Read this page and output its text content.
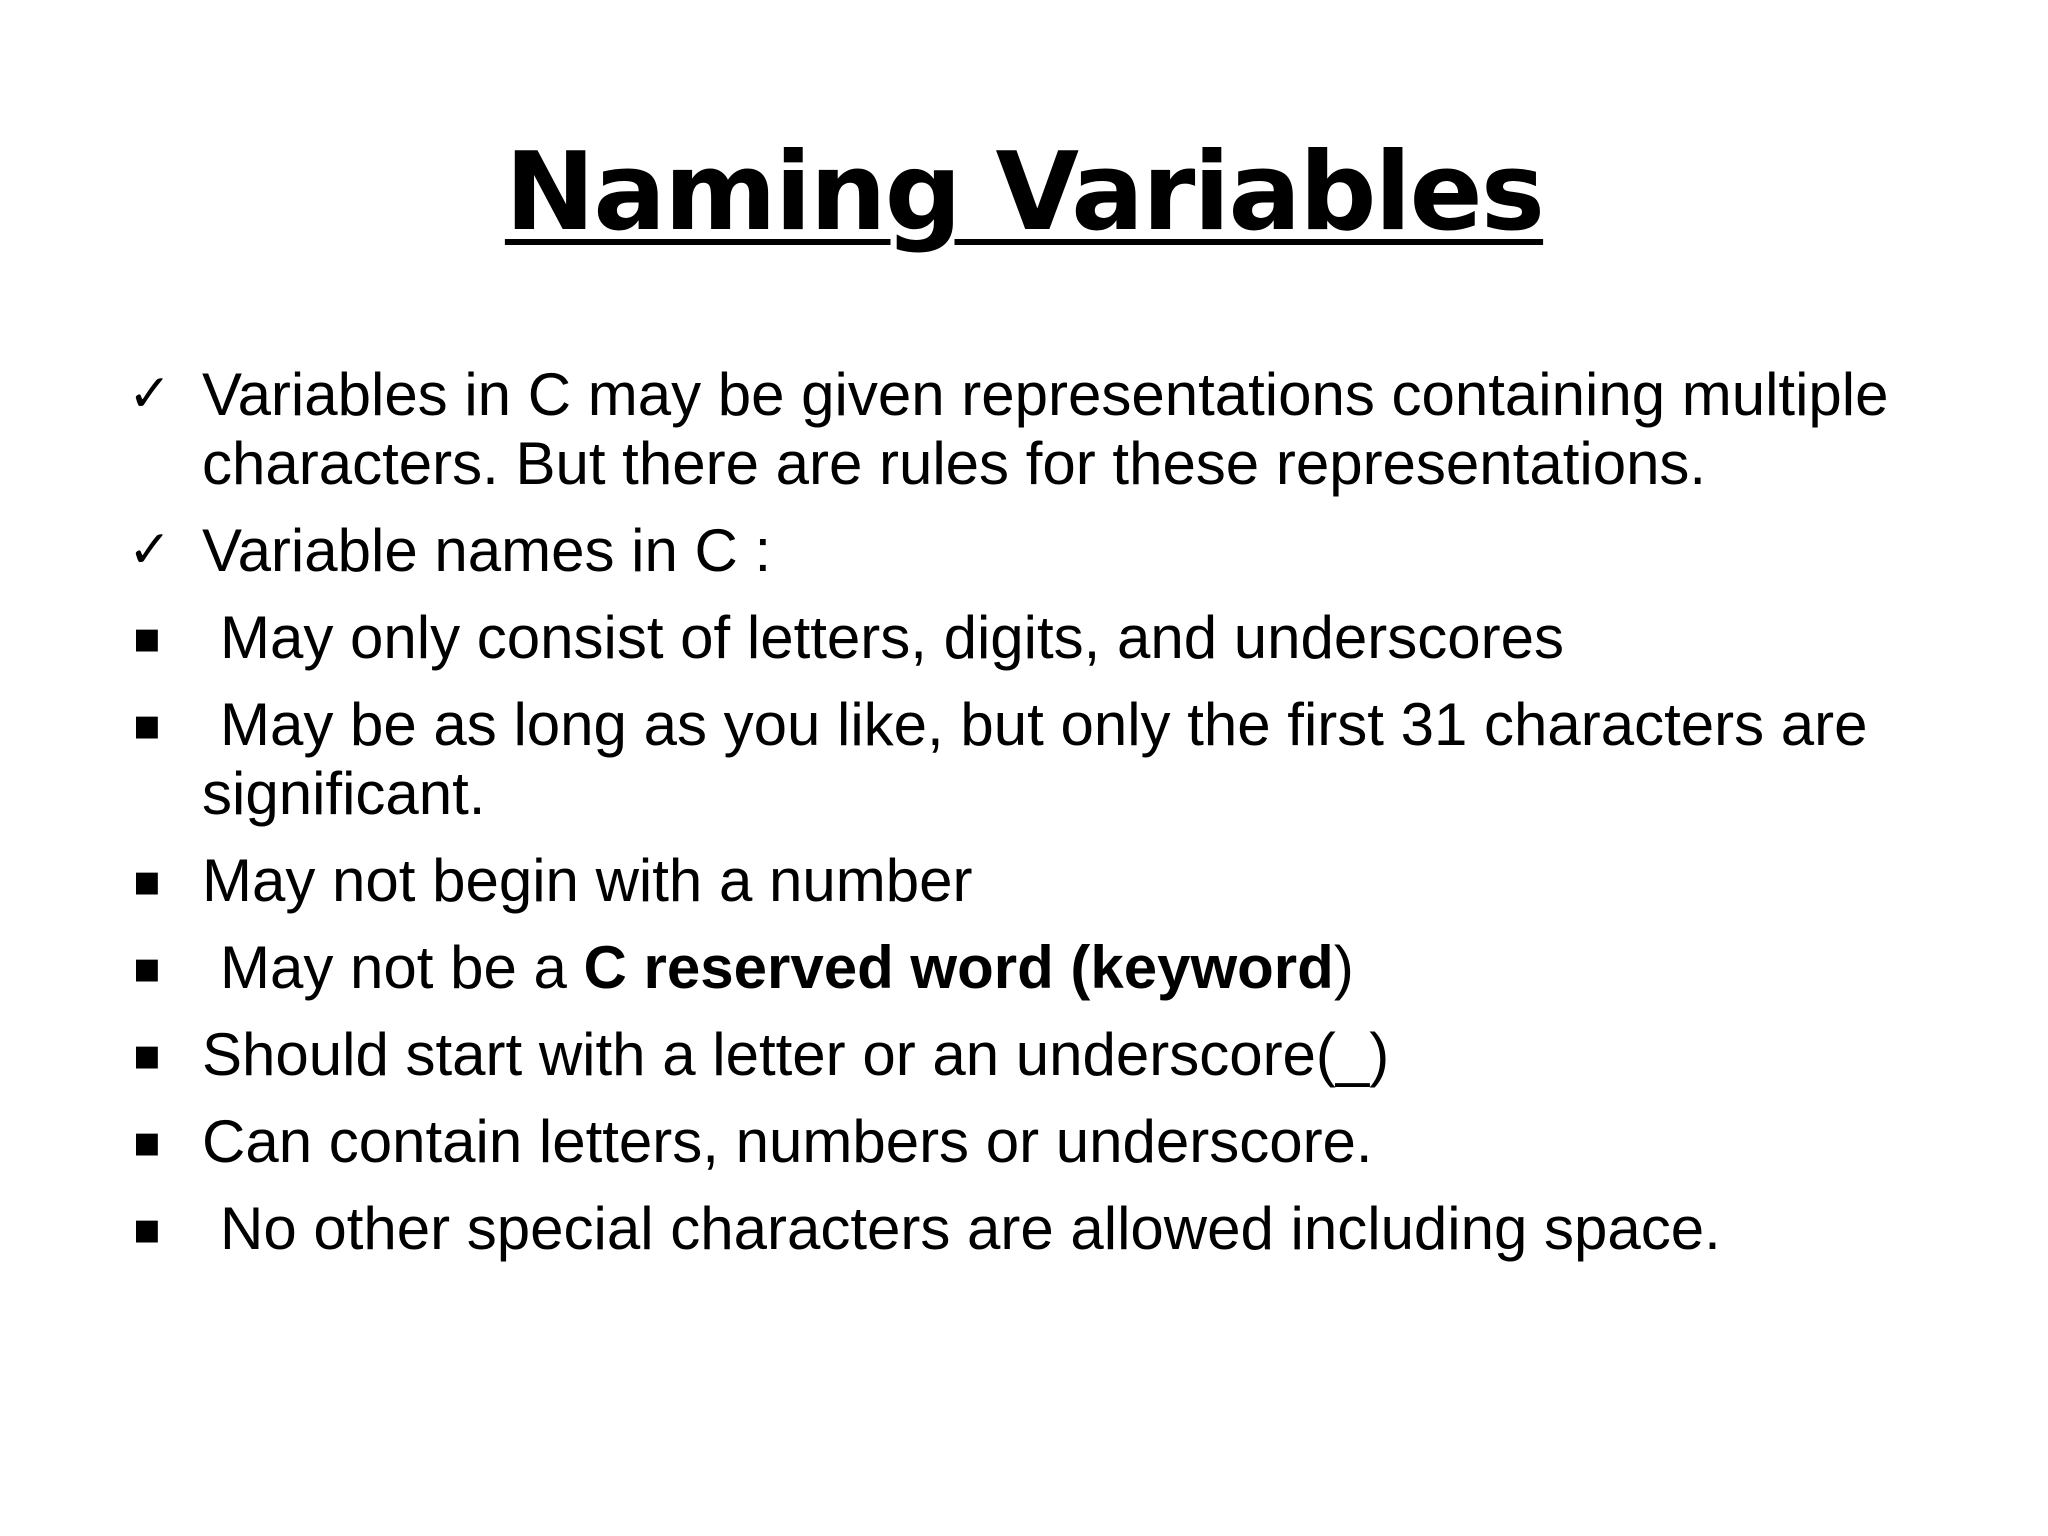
Naming Variables
✓ Variables in C may be given representations containing multiple characters. But there are rules for these representations.
✓ Variable names in C :
▪ May only consist of letters, digits, and underscores
▪ May be as long as you like, but only the first 31 characters are significant.
▪ May not begin with a number
▪ May not be a C reserved word (keyword)
▪ Should start with a letter or an underscore(_)
▪ Can contain letters, numbers or underscore.
▪ No other special characters are allowed including space.
